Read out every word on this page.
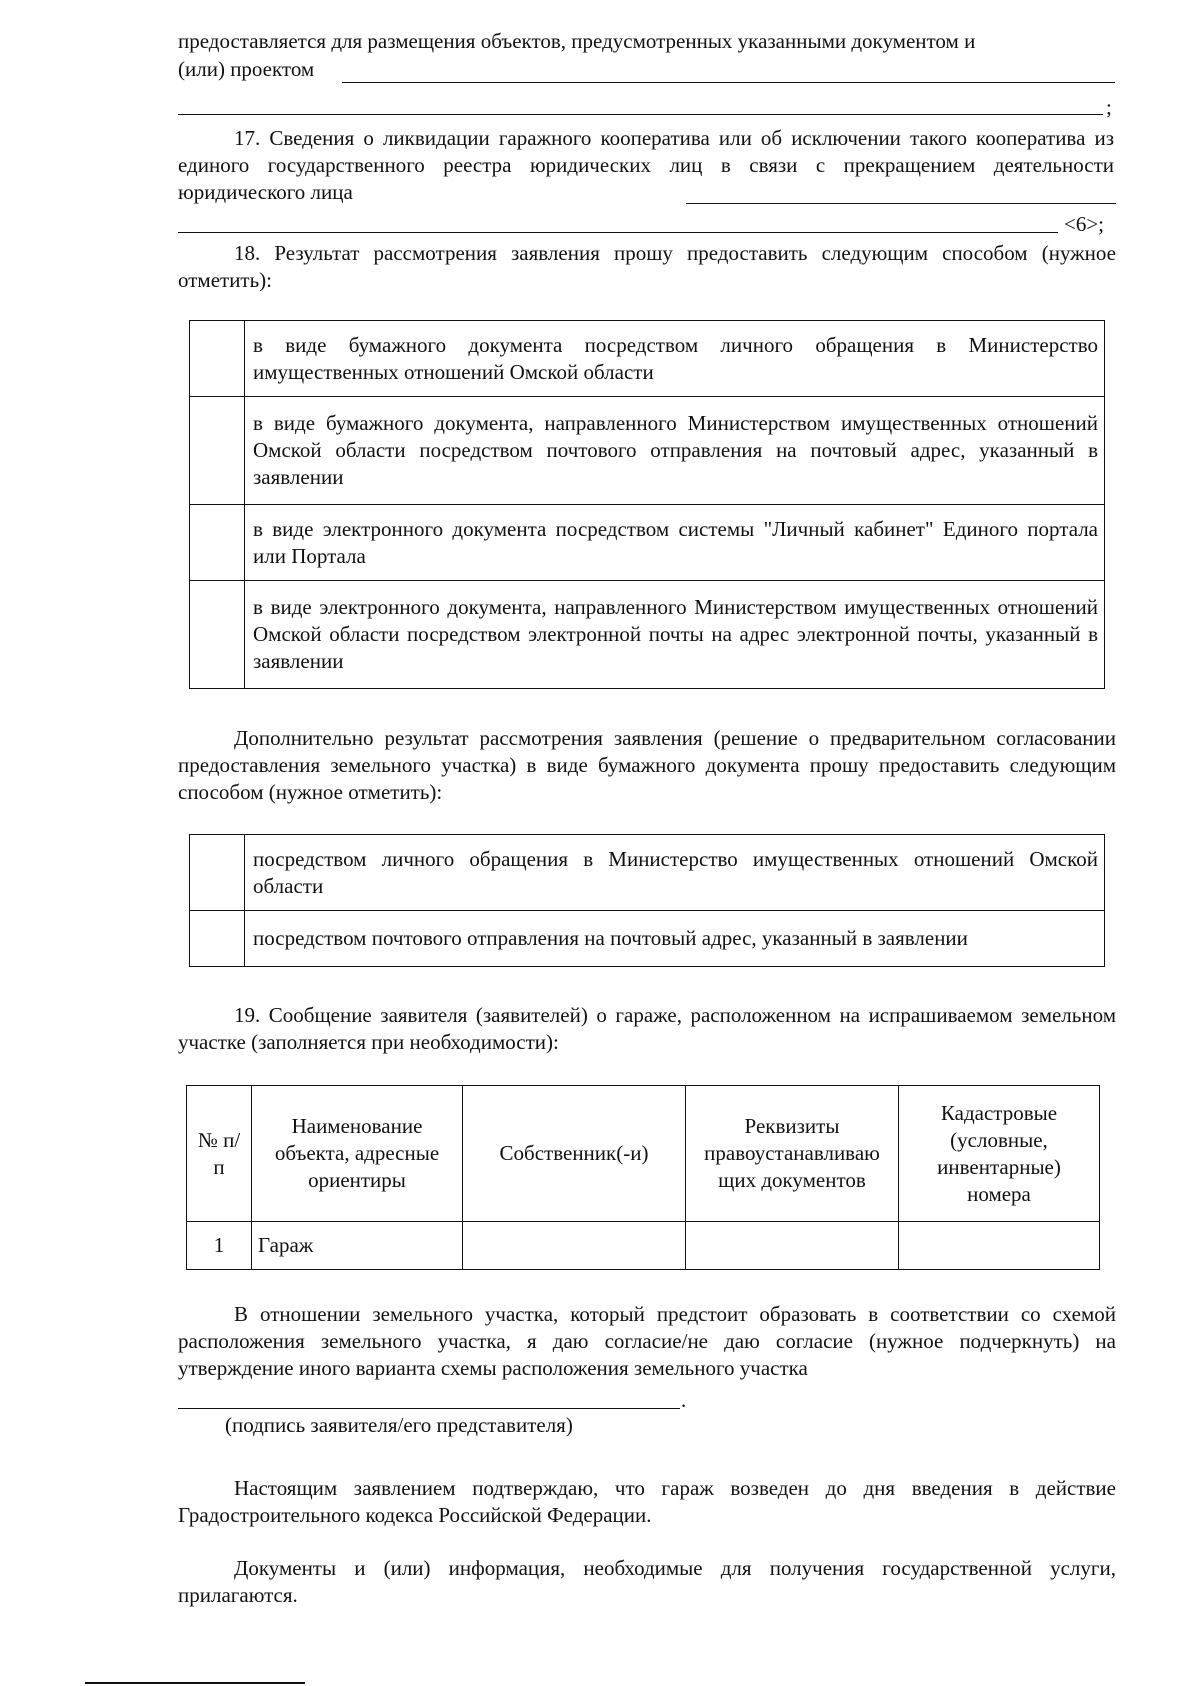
предоставляется для размещения объектов, предусмотренных указанными документом и
(или) проектом
;
17. Сведения о ликвидации гаражного кооператива или об исключении такого кооператива из единого государственного реестра юридических лиц в связи с прекращением деятельности юридического лица
<6>;
18. Результат рассмотрения заявления прошу предоставить следующим способом (нужное отметить):
	в виде бумажного документа посредством личного обращения в Министерство имущественных отношений Омской области
	в виде бумажного документа, направленного Министерством имущественных отношений Омской области посредством почтового отправления на почтовый адрес, указанный в заявлении
	в виде электронного документа посредством системы "Личный кабинет" Единого портала или Портала
	в виде электронного документа, направленного Министерством имущественных отношений Омской области посредством электронной почты на адрес электронной почты, указанный в заявлении
Дополнительно результат рассмотрения заявления (решение о предварительном согласовании предоставления земельного участка) в виде бумажного документа прошу предоставить следующим способом (нужное отметить):
	посредством личного обращения в Министерство имущественных отношений Омской области
	посредством почтового отправления на почтовый адрес, указанный в заявлении
19. Сообщение заявителя (заявителей) о гараже, расположенном на испрашиваемом земельном участке (заполняется при необходимости):
№ п/п	Наименование объекта, адресные ориентиры	Собственник(-и)	Реквизиты правоустанавливаю щих документов	Кадастровые (условные, инвентарные) номера
1	Гараж			
В отношении земельного участка, который предстоит образовать в соответствии со схемой расположения земельного участка, я даю согласие/не даю согласие (нужное подчеркнуть) на утверждение иного варианта схемы расположения земельного участка
.
(подпись заявителя/его представителя)
Настоящим заявлением подтверждаю, что гараж возведен до дня введения в действие Градостроительного кодекса Российской Федерации.
Документы и (или) информация, необходимые для получения государственной услуги, прилагаются.
